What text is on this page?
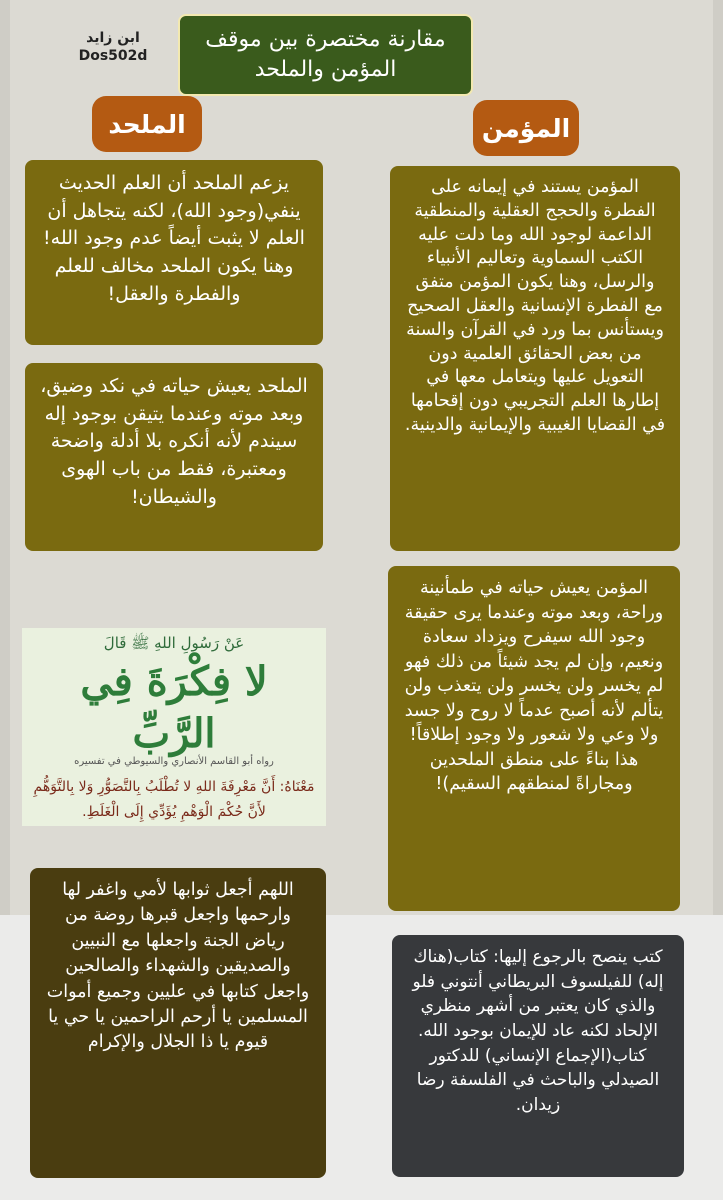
ابن زايد
Dos502d
مقارنة مختصرة بين موقف المؤمن والملحد
الملحد	المؤمن
يزعم الملحد أن العلم الحديث ينفي(وجود الله)، لكنه يتجاهل أن العلم لا يثبت أيضاً عدم وجود الله! وهنا يكون الملحد مخالف للعلم والفطرة والعقل!
الملحد يعيش حياته في نكد وضيق، وبعد موته وعندما يتيقن بوجود إله سيندم لأنه أنكره بلا أدلة واضحة ومعتبرة، فقط من باب الهوى والشيطان!
المؤمن يستند في إيمانه على الفطرة والحجج العقلية والمنطقية الداعمة لوجود الله وما دلت عليه الكتب السماوية وتعاليم الأنبياء والرسل، وهنا يكون المؤمن متفق مع الفطرة الإنسانية والعقل الصحيح ويستأنس بما ورد في القرآن والسنة من بعض الحقائق العلمية دون التعويل عليها ويتعامل معها في إطارها العلم التجريبي دون إقحامها في القضايا الغيبية والإيمانية والدينية.
المؤمن يعيش حياته في طمأنينة وراحة، وبعد موته وعندما يرى حقيقة وجود الله سيفرح ويزداد سعادة ونعيم، وإن لم يجد شيئاً من ذلك فهو لم يخسر ولن يخسر ولن يتعذب ولن يتألم لأنه أصبح عدماً لا روح ولا جسد ولا وعي ولا شعور ولا وجود إطلاقاً!هذا بناءً على منطق الملحدين ومجاراةً لمنطقهم السقيم)!
عَنْ رَسُولِ اللهِ ﷺ قَالَ
لا فِكْرَةَ فِي الرَّبِّ
رواه أبو القاسم الأنصاري والسيوطي في تفسيره
مَعْنَاهُ: أَنَّ مَعْرِفَةَ اللهِ لا تُطْلَبُ بِالتَّصَوُّرِ وَلا بِالتَّوَهُّمِ لأَنَّ حُكْمَ الْوَهْمِ يُؤَدِّي إِلَى الْغَلَطِ.
اللهم أجعل ثوابها لأمي واغفر لها وارحمها واجعل قبرها روضة من رياض الجنة واجعلها مع النبيين والصديقين والشهداء والصالحين واجعل كتابها في عليين وجميع أموات المسلمين يا أرحم الراحمين يا حي يا قيوم يا ذا الجلال والإكرام
كتب ينصح بالرجوع إليها: كتاب(هناك إله) للفيلسوف البريطاني أنتوني فلو والذي كان يعتبر من أشهر منظري الإلحاد لكنه عاد للإيمان بوجود الله. كتاب(الإجماع الإنساني) للدكتور الصيدلي والباحث في الفلسفة رضا زيدان.
